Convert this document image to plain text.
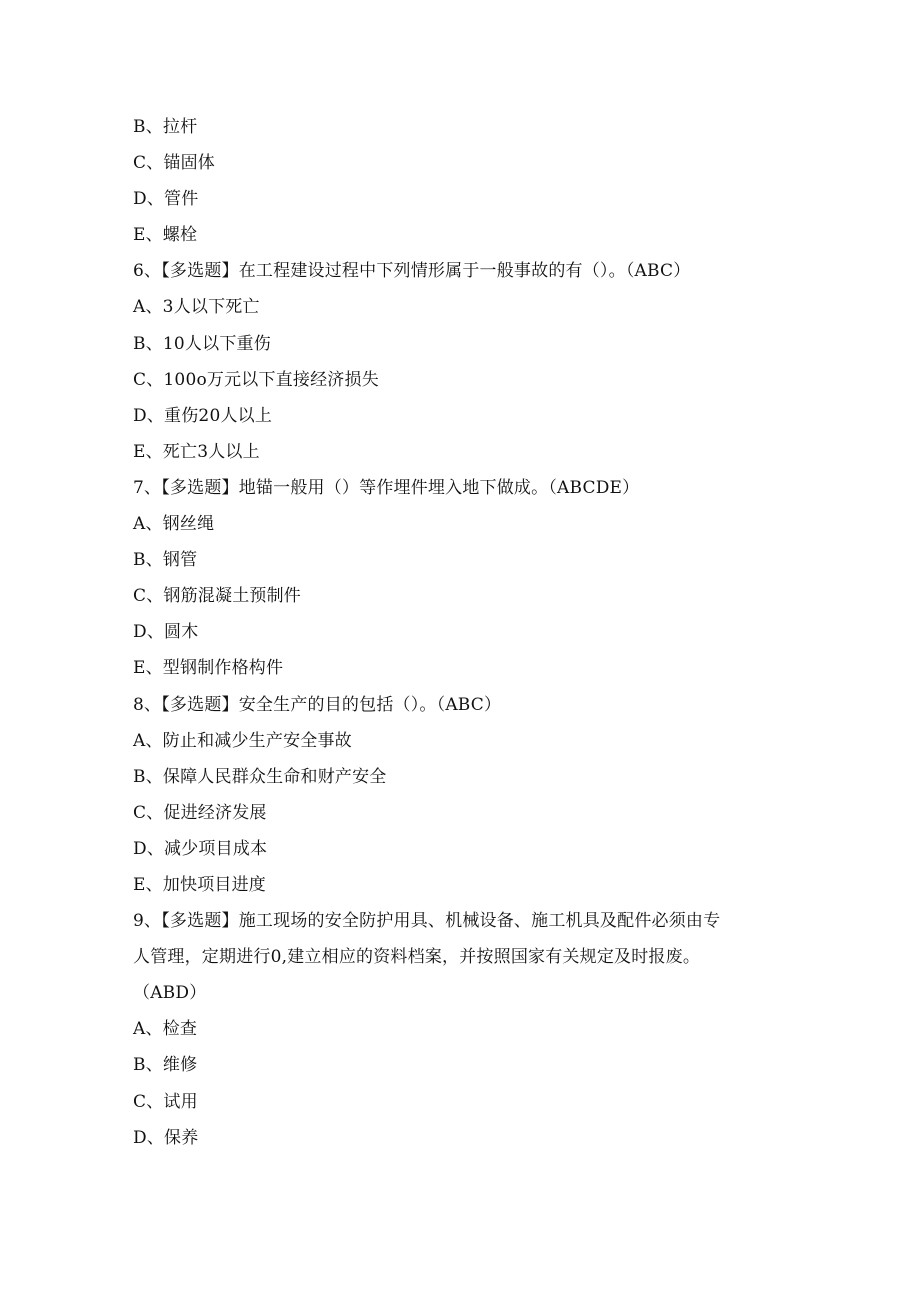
B、拉杆
C、锚固体
D、管件
E、螺栓
6、【多选题】在工程建设过程中下列情形属于一般事故的有（）。（ABC）
A、3人以下死亡
B、10人以下重伤
C、100o万元以下直接经济损失
D、重伤20人以上
E、死亡3人以上
7、【多选题】地锚一般用（）等作埋件埋入地下做成。（ABCDE）
A、钢丝绳
B、钢管
C、钢筋混凝土预制件
D、圆木
E、型钢制作格构件
8、【多选题】安全生产的目的包括（）。（ABC）
A、防止和减少生产安全事故
B、保障人民群众生命和财产安全
C、促进经济发展
D、减少项目成本
E、加快项目进度
9、【多选题】施工现场的安全防护用具、机械设备、施工机具及配件必须由专
人管理，定期进行0,建立相应的资料档案，并按照国家有关规定及时报废。
（ABD）
A、检查
B、维修
C、试用
D、保养
